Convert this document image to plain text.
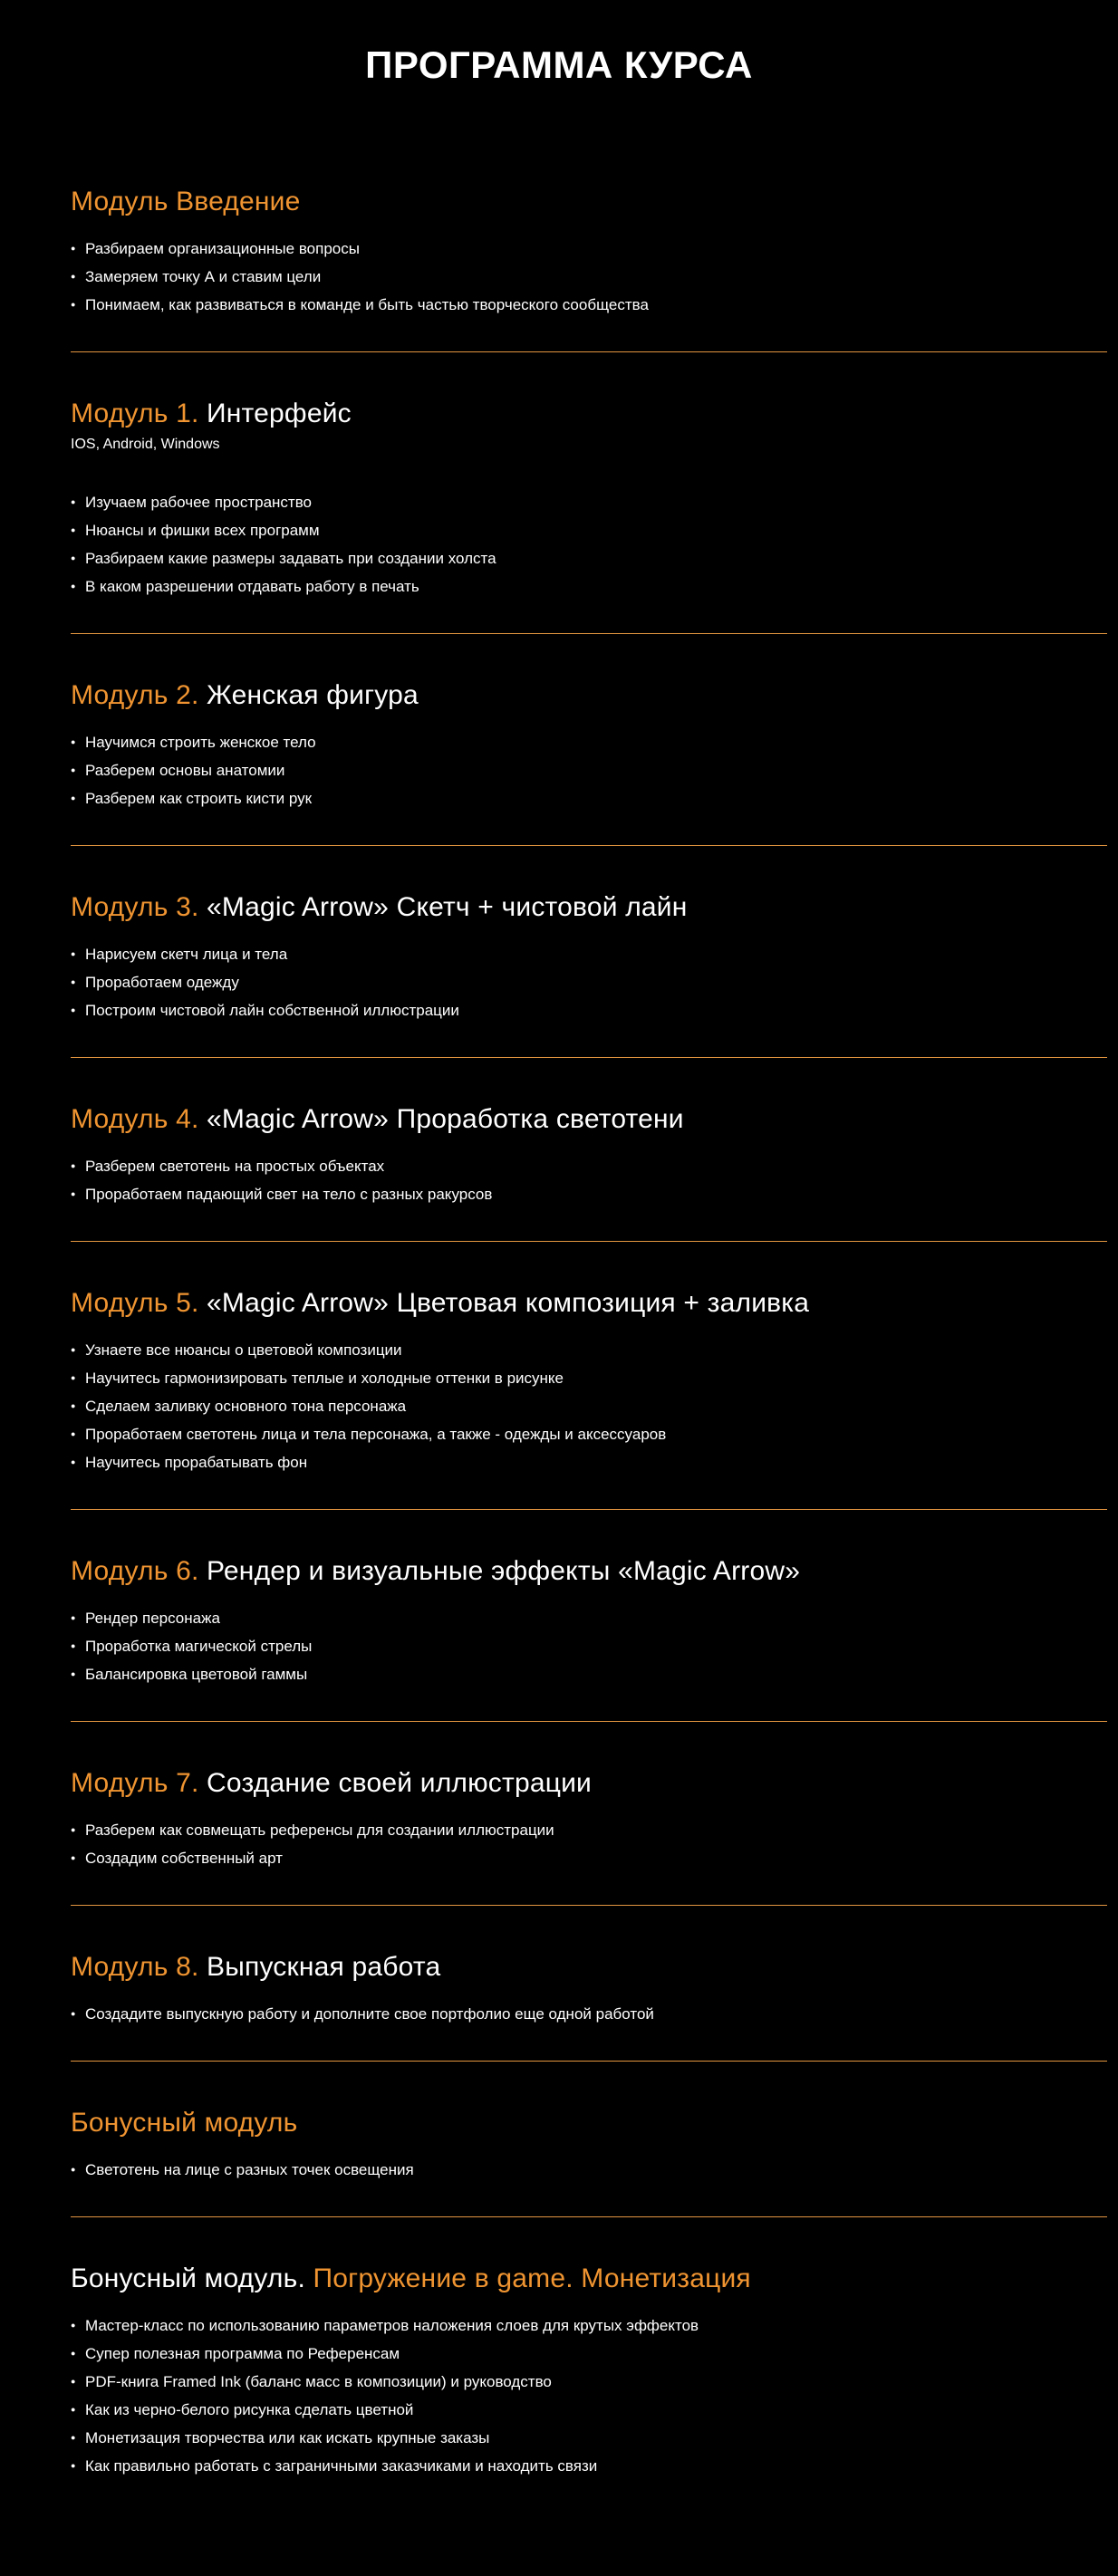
ПРОГРАММА КУРСА
Модуль Введение
● Разбираем организационные вопросы
● Замеряем точку А и ставим цели
● Понимаем, как развиваться в команде и быть частью творческого сообщества
Модуль 1. Интерфейс

IOS, Android, Windows

● Изучаем рабочее пространство
● Нюансы и фишки всех программ
● Разбираем какие размеры задавать при создании холста
● В каком разрешении отдавать работу в печать
Модуль 2. Женская фигура
● Научимся строить женское тело
● Разберем основы анатомии
● Разберем как строить кисти рук
Модуль 3. «Magic Arrow» Скетч + чистовой лайн
● Нарисуем скетч лица и тела
● Проработаем одежду
● Построим чистовой лайн собственной иллюстрации
Модуль 4. «Magic Arrow» Проработка светотени
● Разберем светотень на простых объектах
● Проработаем падающий свет на тело с разных ракурсов
Модуль 5. «Magic Arrow» Цветовая композиция + заливка
● Узнаете все нюансы о цветовой композиции
● Научитесь гармонизировать теплые и холодные оттенки в рисунке
● Сделаем заливку основного тона персонажа
● Проработаем светотень лица и тела персонажа, а также - одежды и аксессуаров
● Научитесь прорабатывать фон
Модуль 6. Рендер и визуальные эффекты «Magic Arrow»
● Рендер персонажа
● Проработка магической стрелы
● Балансировка цветовой гаммы
Модуль 7. Создание своей иллюстрации
● Разберем как совмещать референсы для создании иллюстрации
● Создадим собственный арт
Модуль 8. Выпускная работа
● Создадите выпускную работу и дополните свое портфолио еще одной работой
Бонусный модуль
● Светотень на лице с разных точек освещения
Бонусный модуль. Погружение в game. Монетизация
● Мастер-класс по использованию параметров наложения слоев для крутых эффектов
● Супер полезная программа по Референсам
● PDF-книга Framed Ink (баланс масс в композиции) и руководство
● Как из черно-белого рисунка сделать цветной
● Монетизация творчества или как искать крупные заказы
● Как правильно работать с заграничными заказчиками и находить связи
